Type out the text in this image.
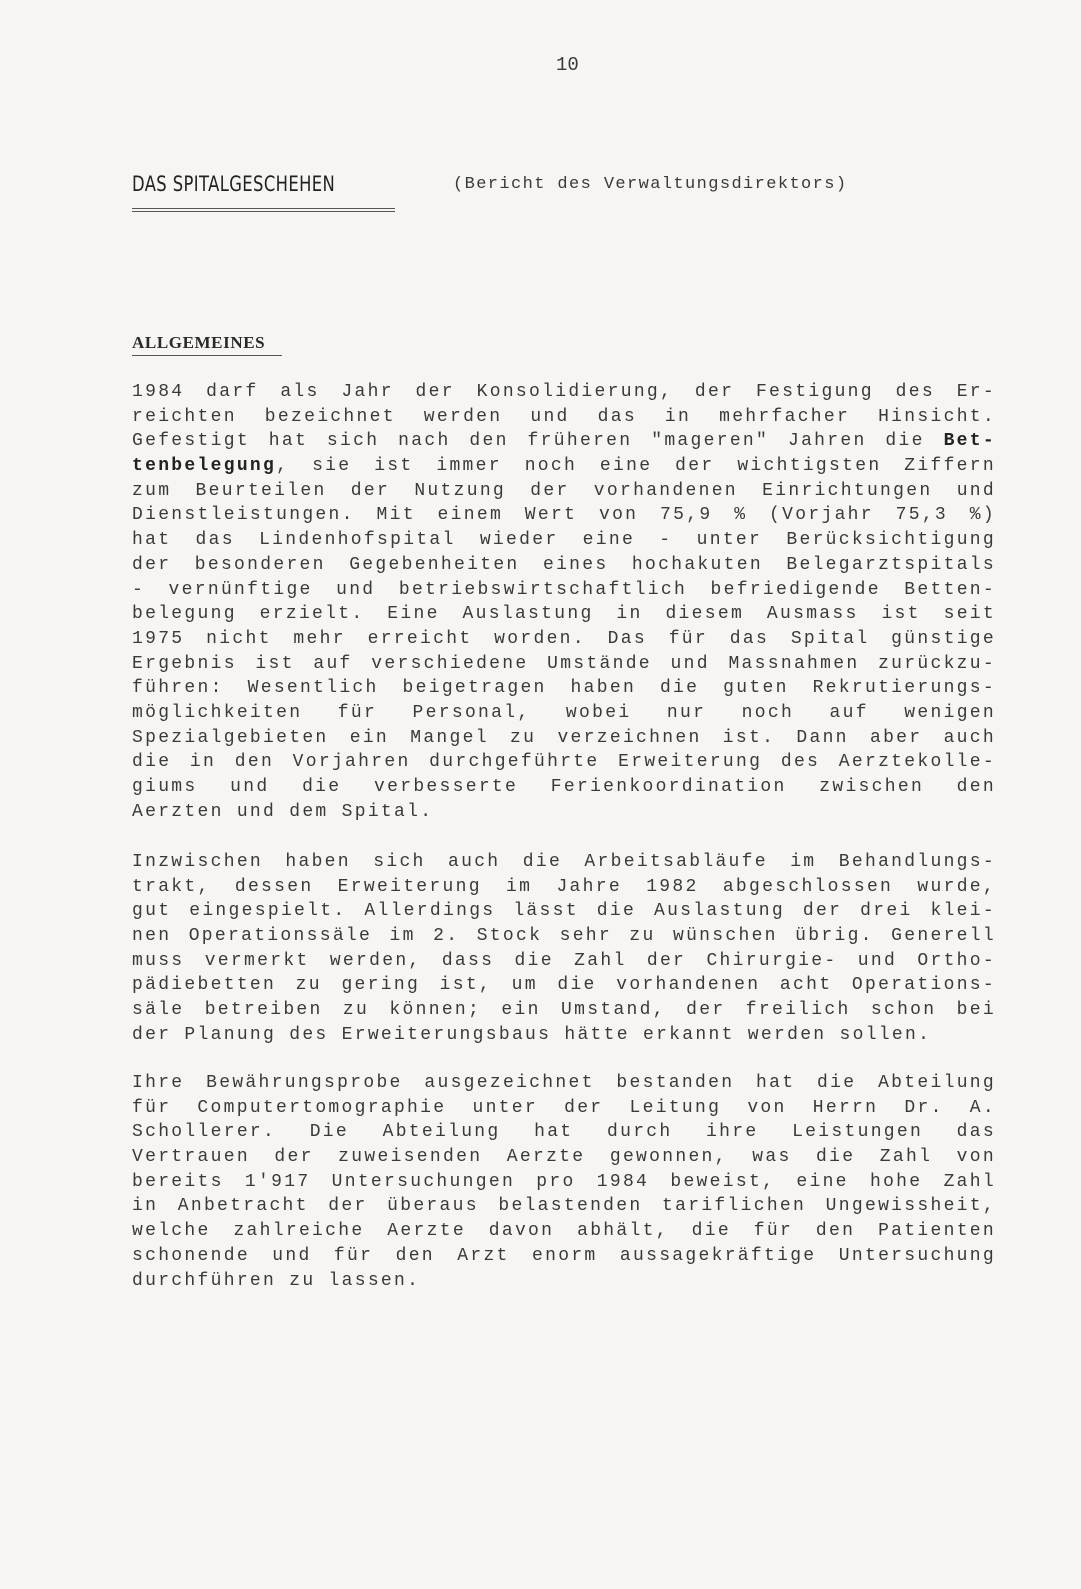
10
DAS SPITALGESCHEHEN	(Bericht des Verwaltungsdirektors)
ALLGEMEINES
1984 darf als Jahr der Konsolidierung, der Festigung des Er-
reichten bezeichnet werden und das in mehrfacher Hinsicht.
Gefestigt hat sich nach den früheren "mageren" Jahren die Bet-
tenbelegung, sie ist immer noch eine der wichtigsten Ziffern
zum Beurteilen der Nutzung der vorhandenen Einrichtungen und
Dienstleistungen. Mit einem Wert von 75,9 % (Vorjahr 75,3 %)
hat das Lindenhofspital wieder eine - unter Berücksichtigung
der besonderen Gegebenheiten eines hochakuten Belegarztspitals
- vernünftige und betriebswirtschaftlich befriedigende Betten-
belegung erzielt. Eine Auslastung in diesem Ausmass ist seit
1975 nicht mehr erreicht worden. Das für das Spital günstige
Ergebnis ist auf verschiedene Umstände und Massnahmen zurückzu-
führen: Wesentlich beigetragen haben die guten Rekrutierungs-
möglichkeiten für Personal, wobei nur noch auf wenigen
Spezialgebieten ein Mangel zu verzeichnen ist. Dann aber auch
die in den Vorjahren durchgeführte Erweiterung des Aerztekolle-
giums und die verbesserte Ferienkoordination zwischen den
Aerzten und dem Spital.
Inzwischen haben sich auch die Arbeitsabläufe im Behandlungs-
trakt, dessen Erweiterung im Jahre 1982 abgeschlossen wurde,
gut eingespielt. Allerdings lässt die Auslastung der drei klei-
nen Operationssäle im 2. Stock sehr zu wünschen übrig. Generell
muss vermerkt werden, dass die Zahl der Chirurgie- und Ortho-
pädiebetten zu gering ist, um die vorhandenen acht Operations-
säle betreiben zu können; ein Umstand, der freilich schon bei
der Planung des Erweiterungsbaus hätte erkannt werden sollen.
Ihre Bewährungsprobe ausgezeichnet bestanden hat die Abteilung
für Computertomographie unter der Leitung von Herrn Dr. A.
Schollerer. Die Abteilung hat durch ihre Leistungen das
Vertrauen der zuweisenden Aerzte gewonnen, was die Zahl von
bereits 1'917 Untersuchungen pro 1984 beweist, eine hohe Zahl
in Anbetracht der überaus belastenden tariflichen Ungewissheit,
welche zahlreiche Aerzte davon abhält, die für den Patienten
schonende und für den Arzt enorm aussagekräftige Untersuchung
durchführen zu lassen.
